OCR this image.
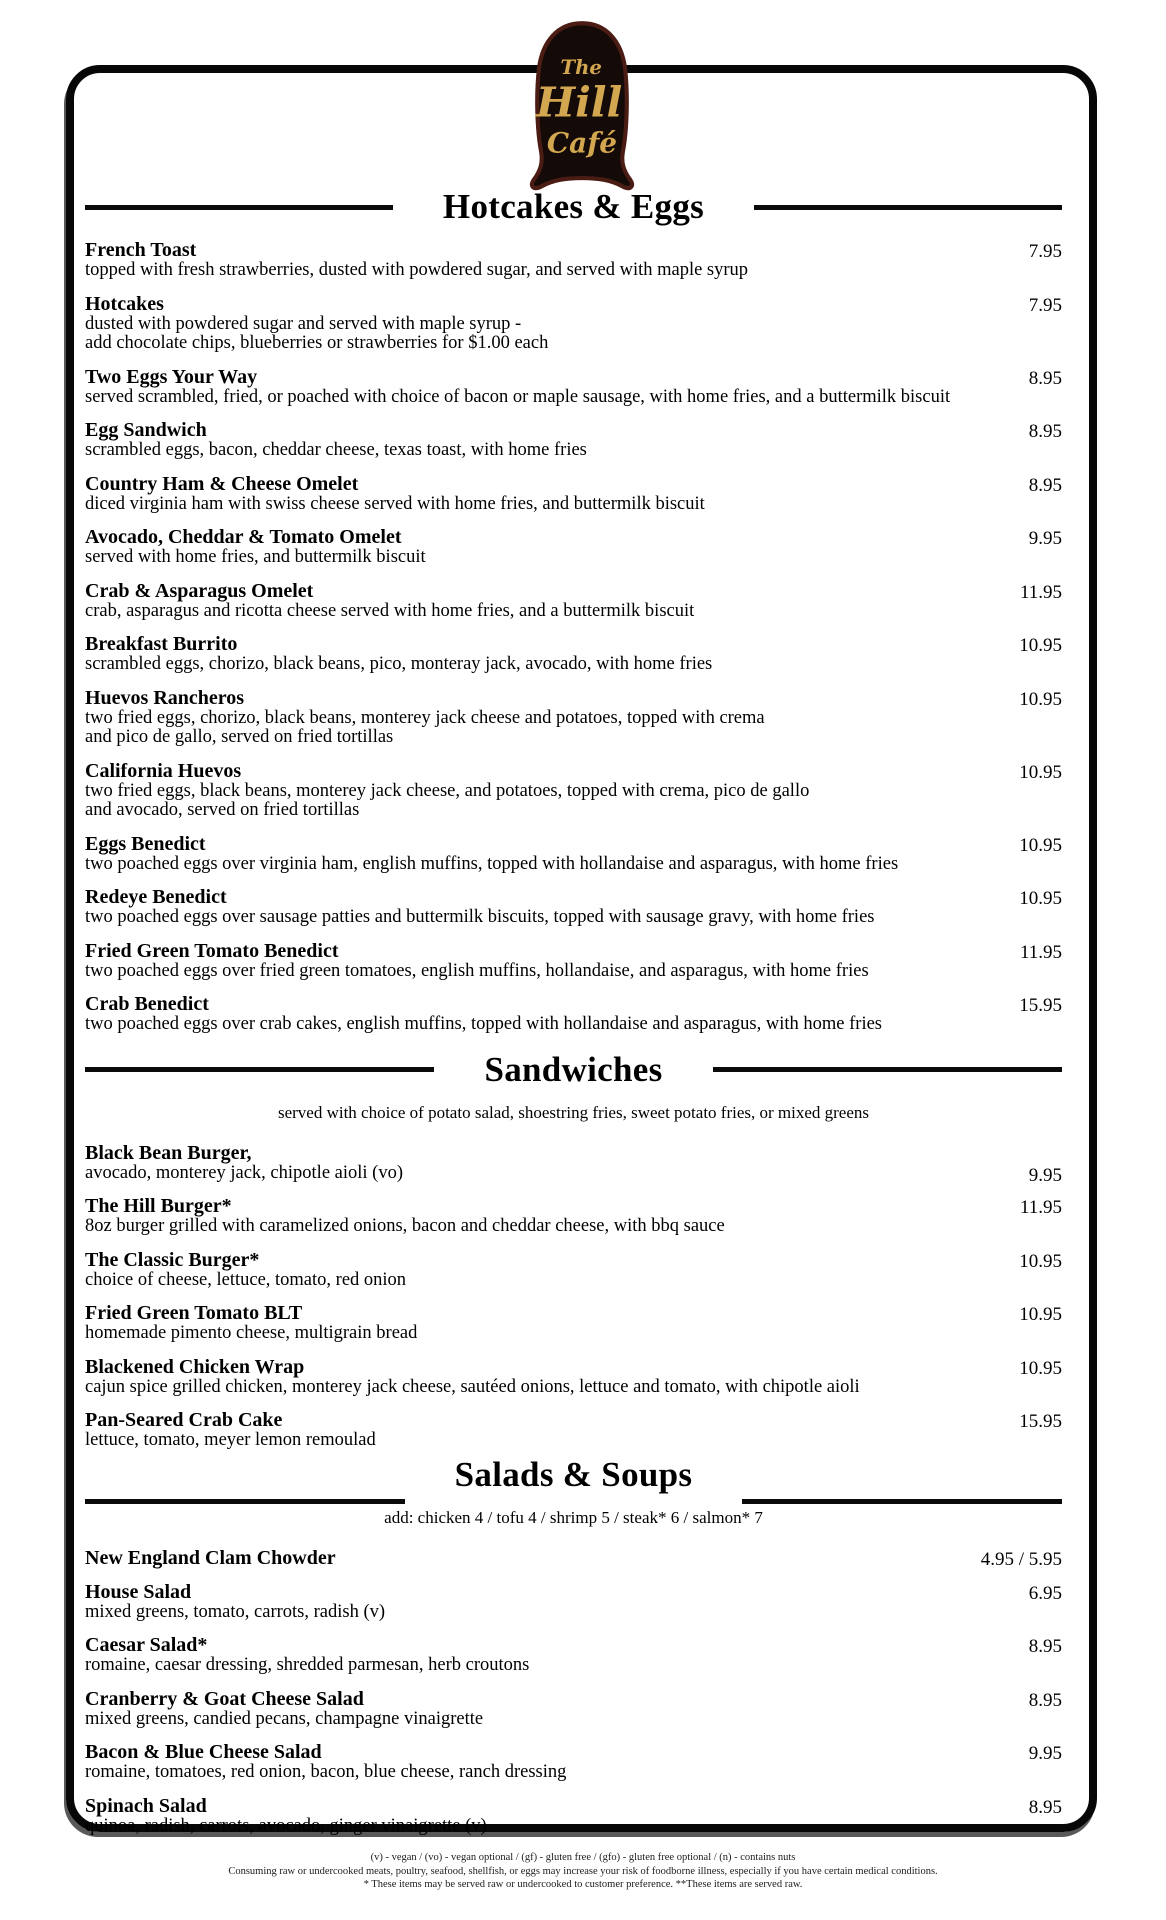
The Hill Café
Hotcakes & Eggs
French Toast
topped with fresh strawberries, dusted with powdered sugar, and served with maple syrup
7.95
Hotcakes
dusted with powdered sugar and served with maple syrup -
add chocolate chips, blueberries or strawberries for $1.00 each
7.95
Two Eggs Your Way
served scrambled, fried, or poached with choice of bacon or maple sausage, with home fries, and a buttermilk biscuit
8.95
Egg Sandwich
scrambled eggs, bacon, cheddar cheese, texas toast, with home fries
8.95
Country Ham & Cheese Omelet
diced virginia ham with swiss cheese served with home fries, and buttermilk biscuit
8.95
Avocado, Cheddar & Tomato Omelet
served with home fries, and buttermilk biscuit
9.95
Crab & Asparagus Omelet
crab, asparagus and ricotta cheese served with home fries, and a buttermilk biscuit
11.95
Breakfast Burrito
scrambled eggs, chorizo, black beans, pico, monteray jack, avocado, with home fries
10.95
Huevos Rancheros
two fried eggs, chorizo, black beans, monterey jack cheese and potatoes, topped with crema
and pico de gallo, served on fried tortillas
10.95
California Huevos
two fried eggs, black beans, monterey jack cheese, and potatoes, topped with crema, pico de gallo
and avocado, served on fried tortillas
10.95
Eggs Benedict
two poached eggs over virginia ham, english muffins, topped with hollandaise and asparagus, with home fries
10.95
Redeye Benedict
two poached eggs over sausage patties and buttermilk biscuits, topped with sausage gravy, with home fries
10.95
Fried Green Tomato Benedict
two poached eggs over fried green tomatoes, english muffins, hollandaise, and asparagus, with home fries
11.95
Crab Benedict
two poached eggs over crab cakes, english muffins, topped with hollandaise and asparagus, with home fries
15.95
Sandwiches

served with choice of potato salad, shoestring fries, sweet potato fries, or mixed greens

Black Bean Burger,
avocado, monterey jack, chipotle aioli (vo)	9.95
The Hill Burger*
8oz burger grilled with caramelized onions, bacon and cheddar cheese, with bbq sauce
11.95
The Classic Burger*
choice of cheese, lettuce, tomato, red onion
10.95
Fried Green Tomato BLT
homemade pimento cheese, multigrain bread
10.95
Blackened Chicken Wrap
cajun spice grilled chicken, monterey jack cheese, sautéed onions, lettuce and tomato, with chipotle aioli
10.95
Pan-Seared Crab Cake
lettuce, tomato, meyer lemon remoulad
15.95
Salads & Soups

add: chicken 4 / tofu 4 / shrimp 5 / steak* 6 / salmon* 7

New England Clam Chowder	4.95 / 5.95
House Salad
mixed greens, tomato, carrots, radish (v)
6.95
Caesar Salad*
romaine, caesar dressing, shredded parmesan, herb croutons
8.95
Cranberry & Goat Cheese Salad
mixed greens, candied pecans, champagne vinaigrette
8.95
Bacon & Blue Cheese Salad
romaine, tomatoes, red onion, bacon, blue cheese, ranch dressing
9.95
Spinach Salad
quinoa, radish, carrots, avocado, ginger vinaigrette (v)
8.95
(v) - vegan / (vo) - vegan optional / (gf) - gluten free / (gfo) - gluten free optional / (n) - contains nuts
Consuming raw or undercooked meats, poultry, seafood, shellfish, or eggs may increase your risk of foodborne illness, especially if you have certain medical conditions.
* These items may be served raw or undercooked to customer preference. **These items are served raw.
